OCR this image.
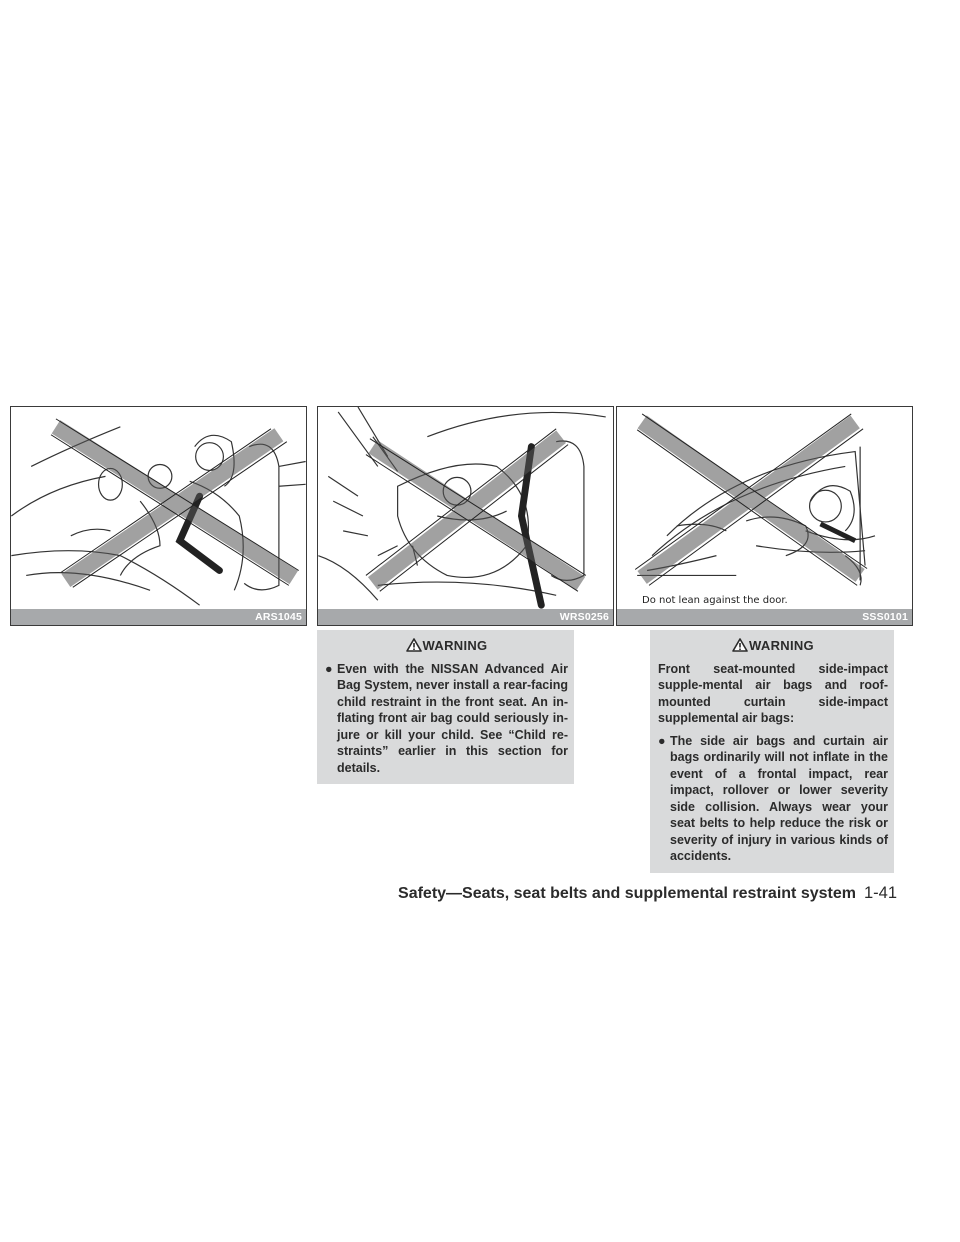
ARS1045	WRS0256
Do not lean against the door.
SSS0101
WARNING
● Even with the NISSAN Advanced Air Bag System, never install a rear-facing child restraint in the front seat. An in-flating front air bag could seriously in-jure or kill your child. See “Child re-straints” earlier in this section for details.
WARNING
Front seat-mounted side-impact supple-mental air bags and roof-mounted curtain side-impact supplemental air bags:
● The side air bags and curtain air bags ordinarily will not inflate in the event of a frontal impact, rear impact, rollover or lower severity side collision. Always wear your seat belts to help reduce the risk or severity of injury in various kinds of accidents.
Safety—Seats, seat belts and supplemental restraint system 1-41
